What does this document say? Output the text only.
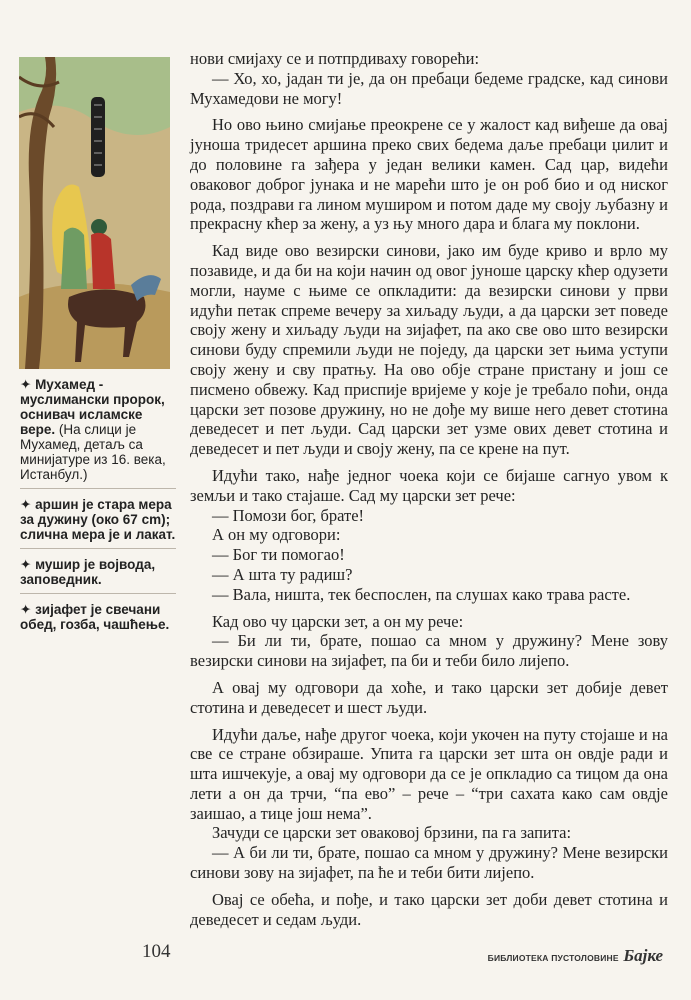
✦ Мухамед - муслимански пророк, оснивач исламске вере. (На слици је Мухамед, детаљ са минијатуре из 16. века, Истанбул.)
✦ аршин је стара мера за дужину (око 67 cm); слична мера је и лакат.
✦ мушир је војвода, заповедник.
✦ зијафет је свечани обед, гозба, чашћење.

нови смијаху се и потпрдиваху говорећи:

— Хо, хо, јадан ти је, да он пребаци бедеме градске, кад синови Мухамедови не могу!

Но ово њино смијање преокрене се у жалост кад виђеше да овај јуноша тридесет аршина преко свих бедема даље пребаци џилит и до половине га зађера у један велики камен. Сад цар, видећи оваковог доброг јунака и не марећи што је он роб био и од ниског рода, поздрави га лином муширом и потом даде му своју љубазну и прекрасну кћер за жену, а уз њу много дара и блага му поклони.

Кад виде ово везирски синови, јако им буде криво и врло му позавиде, и да би на који начин од овог јуноше царску кћер одузети могли, науме с њиме се опкладити: да везирски синови у први идући петак спреме вечеру за хиљаду људи, а да царски зет поведе своју жену и хиљаду људи на зијафет, па ако све ово што везирски синови буду спремили људи не поједу, да царски зет њима уступи своју жену и сву пратњу. На ово обје стране пристану и још се писмено обвежу. Кад приспије вријеме у које је требало поћи, онда царски зет позове дружину, но не дође му више него девет стотина деведесет и пет људи. Сад царски зет узме ових девет стотина и деведесет и пет људи и своју жену, па се крене на пут.

Идући тако, нађе једног чоека који се бијаше сагнуо увом к земљи и тако стајаше. Сад му царски зет рече:

— Помози бог, брате!

А он му одговори:

— Бог ти помогао!

— А шта ту радиш?

— Вала, ништа, тек беспослен, па слушах како трава расте.

Кад ово чу царски зет, а он му рече:

— Би ли ти, брате, пошао са мном у дружину? Мене зову везирски синови на зијафет, па би и теби било лијепо.

А овај му одговори да хоће, и тако царски зет добије девет стотина и деведесет и шест људи.

Идући даље, нађе другог чоека, који укочен на путу стојаше и на све се стране обзираше. Упита га царски зет шта он овдје ради и шта ишчекује, а овај му одговори да се је опкладио са тицом да она лети а он да трчи, “па ево” – рече – “три сахата како сам овдје заишао, а тице још нема”.

Зачуди се царски зет оваковој брзини, па га запита:

— А би ли ти, брате, пошао са мном у дружину? Мене везирски синови зову на зијафет, па ће и теби бити лијепо.

Овај се обећа, и пође, и тако царски зет доби девет стотина и деведесет и седам људи.

104	БИБЛИОТЕКА ПУСТОЛОВИНЕ Бајке
